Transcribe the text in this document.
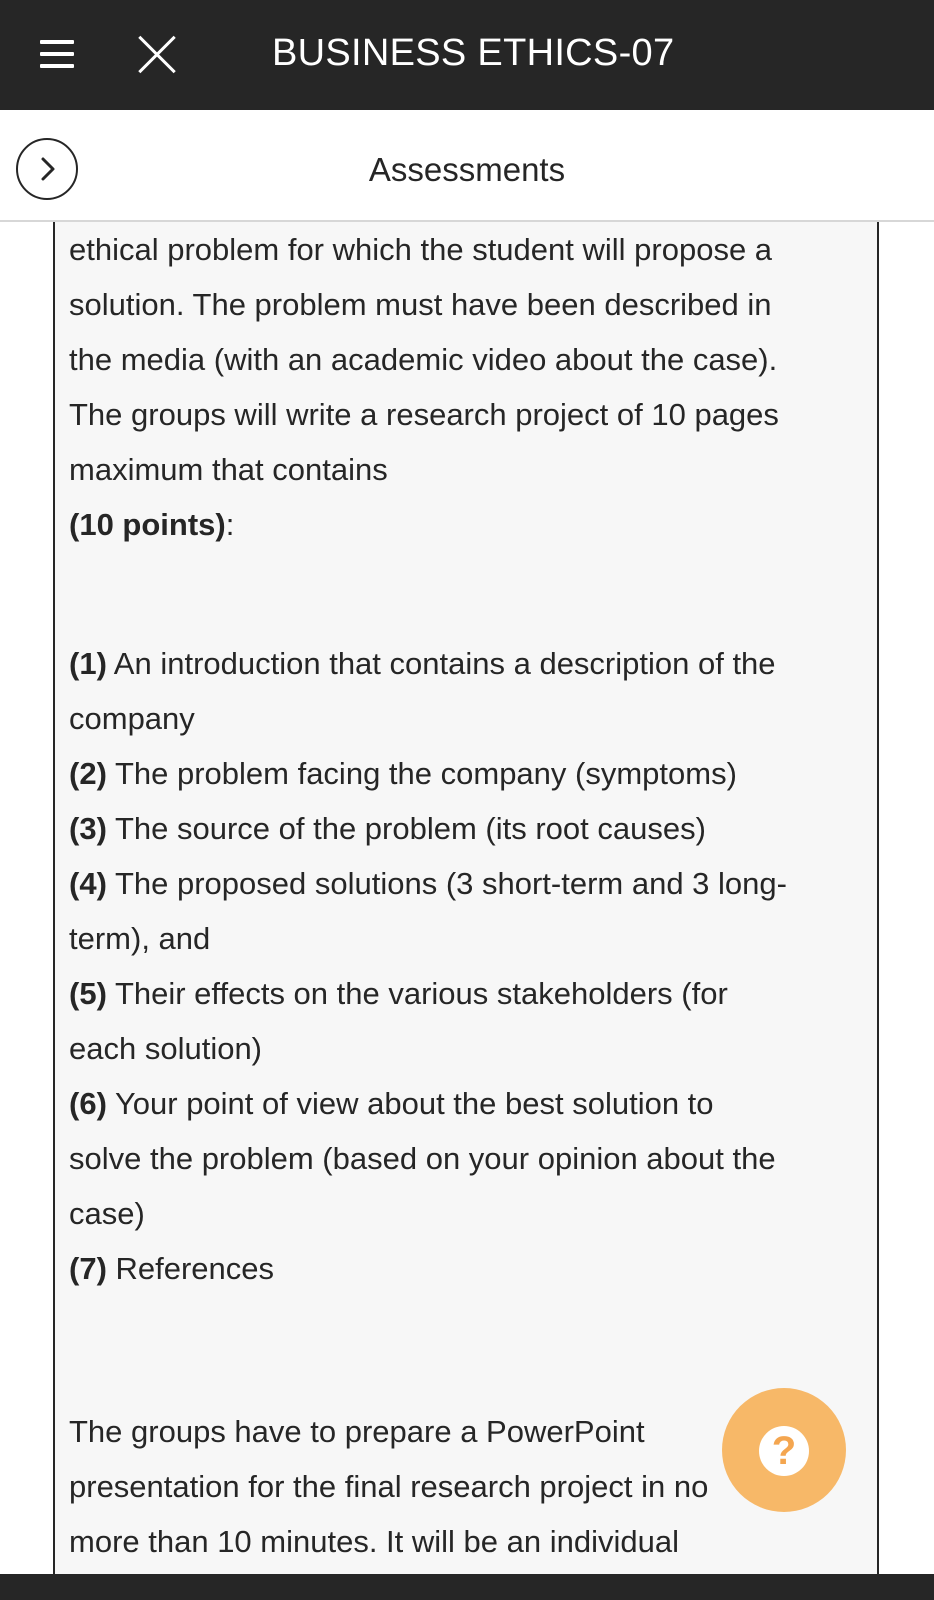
BUSINESS ETHICS-07
Assessments

ethical problem for which the student will propose a

solution. The problem must have been described in

the media (with an academic video about the case).

The groups will write a research project of 10 pages

maximum that contains

(10 points):

(1) An introduction that contains a description of the

company

(2) The problem facing the company (symptoms)

(3) The source of the problem (its root causes)

(4) The proposed solutions (3 short-term and 3 long-

term), and

(5) Their effects on the various stakeholders (for

each solution)

(6) Your point of view about the best solution to

solve the problem (based on your opinion about the

case)

(7) References

The groups have to prepare a PowerPoint

presentation for the final research project in no

more than 10 minutes. It will be an individual

?
